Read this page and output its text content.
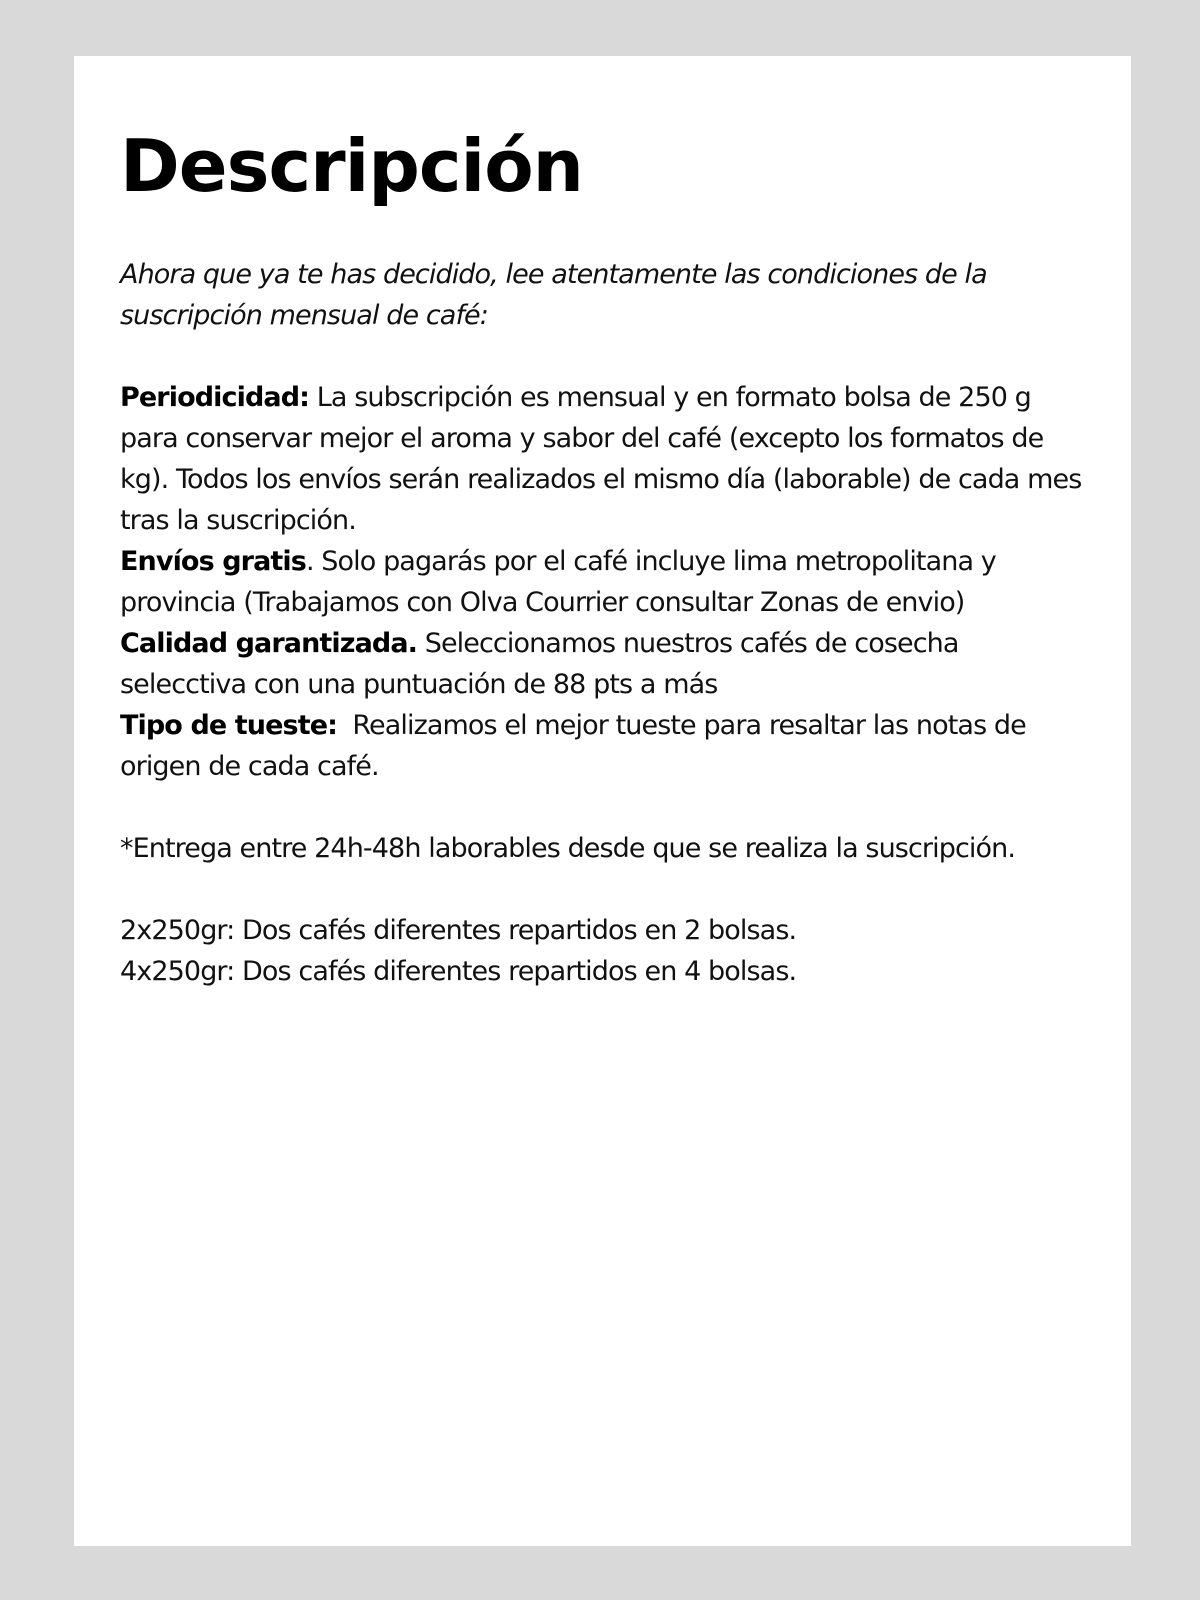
Descripción

Ahora que ya te has decidido, lee atentamente las condiciones de la suscripción mensual de café:

Periodicidad: La subscripción es mensual y en formato bolsa de 250 g para conservar mejor el aroma y sabor del café (excepto los formatos de kg). Todos los envíos serán realizados el mismo día (laborable) de cada mes tras la suscripción.

Envíos gratis. Solo pagarás por el café incluye lima metropolitana y provincia (Trabajamos con Olva Courrier consultar Zonas de envio)

Calidad garantizada. Seleccionamos nuestros cafés de cosecha selecctiva con una puntuación de 88 pts a más

Tipo de tueste:  Realizamos el mejor tueste para resaltar las notas de origen de cada café.

*Entrega entre 24h-48h laborables desde que se realiza la suscripción.

2x250gr: Dos cafés diferentes repartidos en 2 bolsas.

4x250gr: Dos cafés diferentes repartidos en 4 bolsas.
